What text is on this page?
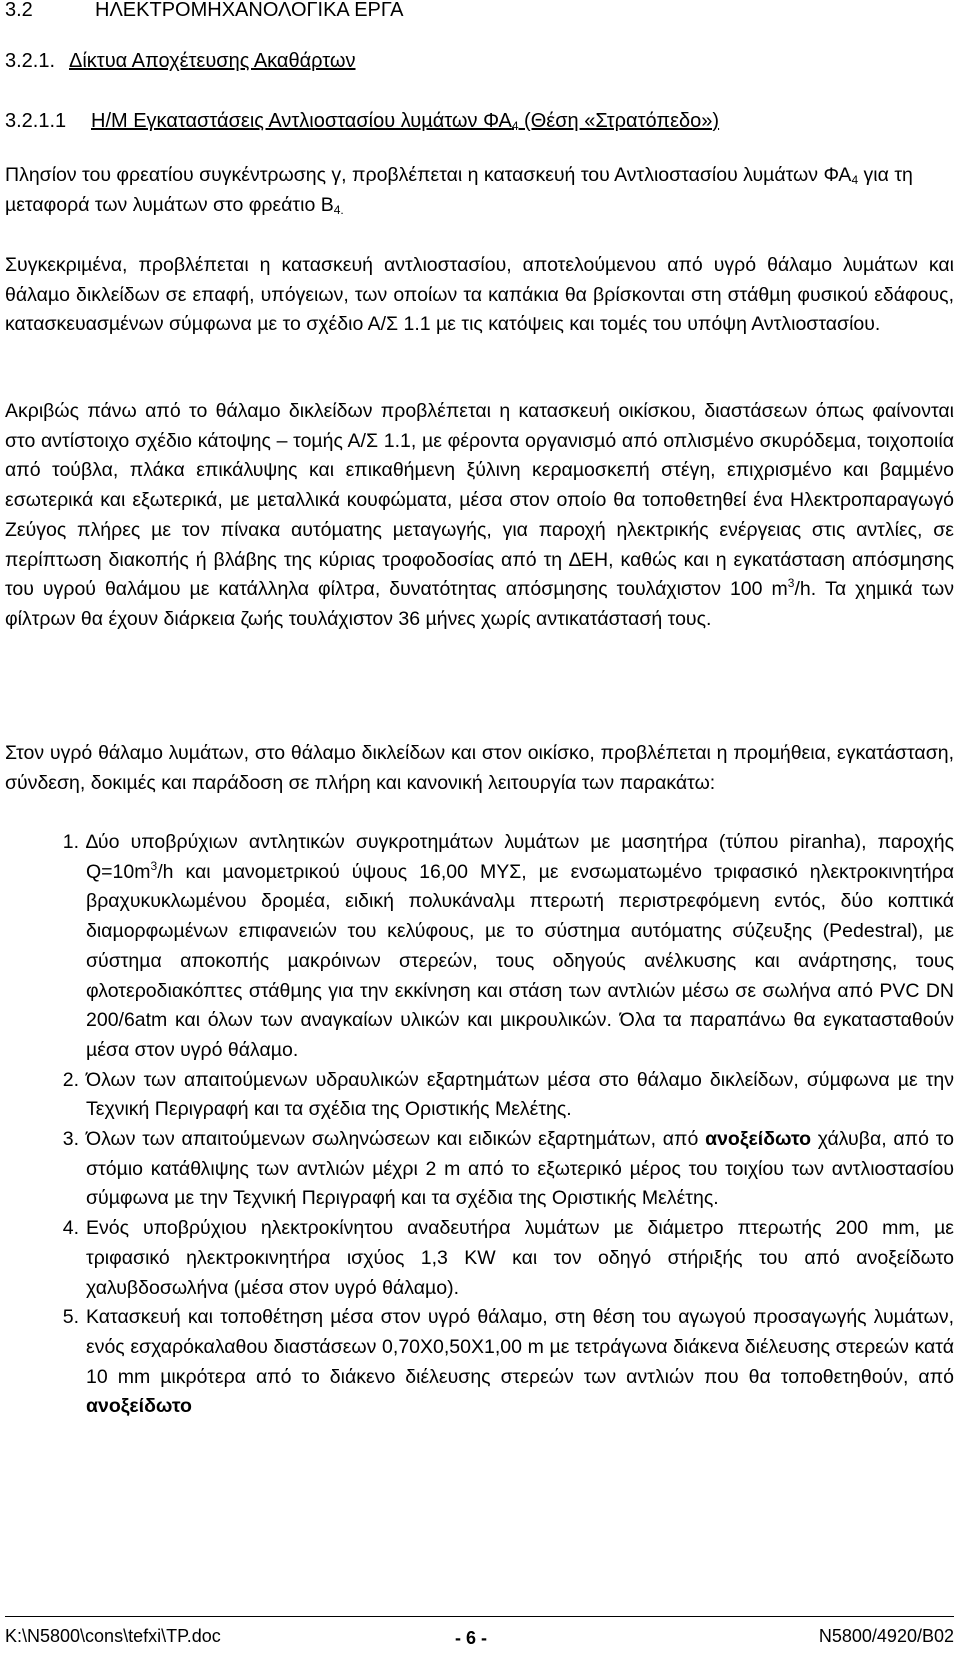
3.2	ΗΛΕΚΤΡΟΜΗΧΑΝΟΛΟΓΙΚΑ ΕΡΓΑ
3.2.1. Δίκτυα Αποχέτευσης Ακαθάρτων
3.2.1.1 Η/Μ Εγκαταστάσεις Αντλιοστασίου λυµάτων $\Phi A_4$ (Θέση «Στρατόπεδο»)
Πλησίον του φρεατίου συγκέντρωσης γ, προβλέπεται η κατασκευή του Αντλιοστασίου λυµάτων $\Phi A_4$ για τη µεταφορά των λυµάτων στο φρεάτιο $B_{4.}$
Συγκεκριµένα, προβλέπεται η κατασκευή αντλιοστασίου, αποτελούµενου από υγρό θάλαµο λυµάτων και θάλαµο δικλείδων σε επαφή, υπόγειων, των οποίων τα καπάκια θα βρίσκονται στη στάθµη φυσικού εδάφους, κατασκευασµένων σύµφωνα µε το σχέδιο Α/Σ 1.1 µε τις κατόψεις και τοµές του υπόψη Αντλιοστασίου.
Ακριβώς πάνω από το θάλαµο δικλείδων προβλέπεται η κατασκευή οικίσκου, διαστάσεων όπως φαίνονται στο αντίστοιχο σχέδιο κάτοψης – τοµής Α/Σ 1.1, µε φέροντα οργανισµό από οπλισµένο σκυρόδεµα, τοιχοποιία από τούβλα, πλάκα επικάλυψης και επικαθήµενη ξύλινη κεραµοσκεπή στέγη, επιχρισµένο και βαµµένο εσωτερικά και εξωτερικά, µε µεταλλικά κουφώµατα, µέσα στον οποίο θα τοποθετηθεί ένα Ηλεκτροπαραγωγό Ζεύγος πλήρες µε τον πίνακα αυτόµατης µεταγωγής, για παροχή ηλεκτρικής ενέργειας στις αντλίες, σε περίπτωση διακοπής ή βλάβης της κύριας τροφοδοσίας από τη ∆ΕΗ, καθώς και η εγκατάσταση απόσµησης του υγρού θαλάµου µε κατάλληλα φίλτρα, δυνατότητας απόσµησης τουλάχιστον 100 $m^3/h$. Τα χηµικά των φίλτρων θα έχουν διάρκεια ζωής τουλάχιστον 36 µήνες χωρίς αντικατάστασή τους.
Στον υγρό θάλαµο λυµάτων, στο θάλαµο δικλείδων και στον οικίσκο, προβλέπεται η προµήθεια, εγκατάσταση, σύνδεση, δοκιµές και παράδοση σε πλήρη και κανονική λειτουργία των παρακάτω:
1. ∆ύο υποβρύχιων αντλητικών συγκροτηµάτων λυµάτων µε µασητήρα (τύπου piranha), παροχής $Q=10m^3/h$ και µανοµετρικού ύψους 16,00 ΜΥΣ, µε ενσωµατωµένο τριφασικό ηλεκτροκινητήρα βραχυκυκλωµένου δροµέα, ειδική πολυκάναλµ πτερωτή περιστρεφόµενη εντός, δύο κοπτικά διαµορφωµένων επιφανειών του κελύφους, µε το σύστηµα αυτόµατης σύζευξης (Pedestral), µε σύστηµα αποκοπής µακρόινων στερεών, τους οδηγούς ανέλκυσης και ανάρτησης, τους φλοτεροδιακόπτες στάθµης για την εκκίνηση και στάση των αντλιών µέσω σε σωλήνα από PVC DN 200/6atm και όλων των αναγκαίων υλικών και µικρουλικών. Όλα τα παραπάνω θα εγκατασταθούν µέσα στον υγρό θάλαµο.
2. Όλων των απαιτούµενων υδραυλικών εξαρτηµάτων µέσα στο θάλαµο δικλείδων, σύµφωνα µε την Τεχνική Περιγραφή και τα σχέδια της Οριστικής Μελέτης.
3. Όλων των απαιτούµενων σωληνώσεων και ειδικών εξαρτηµάτων, από ανοξείδωτο χάλυβα, από το στόµιο κατάθλιψης των αντλιών µέχρι 2 m από το εξωτερικό µέρος του τοιχίου των αντλιοστασίου σύµφωνα µε την Τεχνική Περιγραφή και τα σχέδια της Οριστικής Μελέτης.
4. Ενός υποβρύχιου ηλεκτροκίνητου αναδευτήρα λυµάτων µε διάµετρο πτερωτής 200 mm, µε τριφασικό ηλεκτροκινητήρα ισχύος 1,3 KW και τον οδηγό στήριξής του από ανοξείδωτο χαλυβδοσωλήνα (µέσα στον υγρό θάλαµο).
5. Κατασκευή και τοποθέτηση µέσα στον υγρό θάλαµο, στη θέση του αγωγού προσαγωγής λυµάτων, ενός εσχαρόκαλαθου διαστάσεων 0,70Χ0,50Χ1,00 m µε τετράγωνα διάκενα διέλευσης στερεών κατά 10 mm µικρότερα από το διάκενο διέλευσης στερεών των αντλιών που θα τοποθετηθούν, από ανοξείδωτο
K:\N5800\cons\tefxi\TP.doc	- 6 -	N5800/4920/B02
